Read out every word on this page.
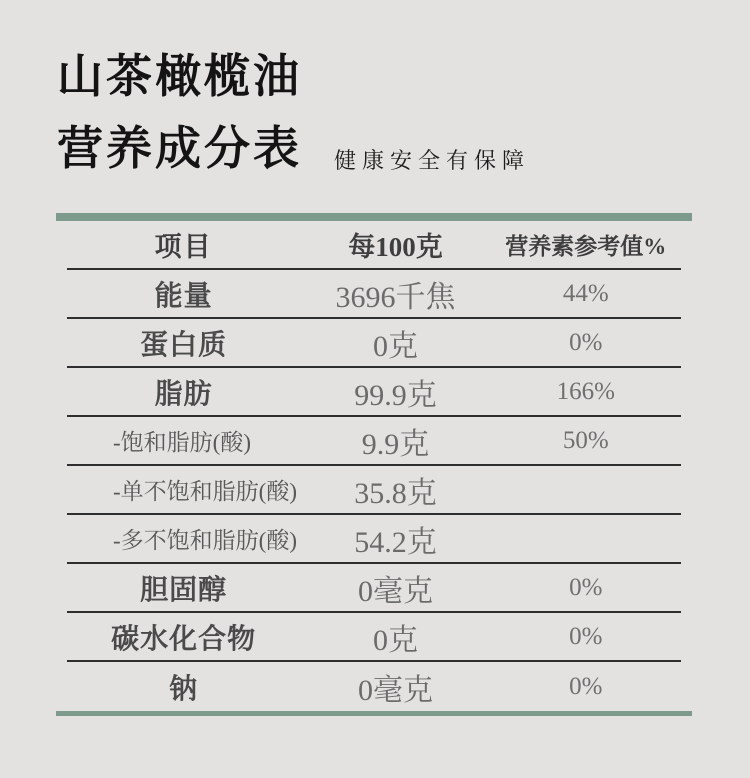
山茶橄榄油
营养成分表 健康安全有保障
项目	每100克	营养素参考值%
能量	3696千焦	44%
蛋白质	0克	0%
脂肪	99.9克	166%
-饱和脂肪(酸)	9.9克	50%
-单不饱和脂肪(酸)	35.8克
-多不饱和脂肪(酸)	54.2克
胆固醇	0毫克	0%
碳水化合物	0克	0%
钠	0毫克	0%
